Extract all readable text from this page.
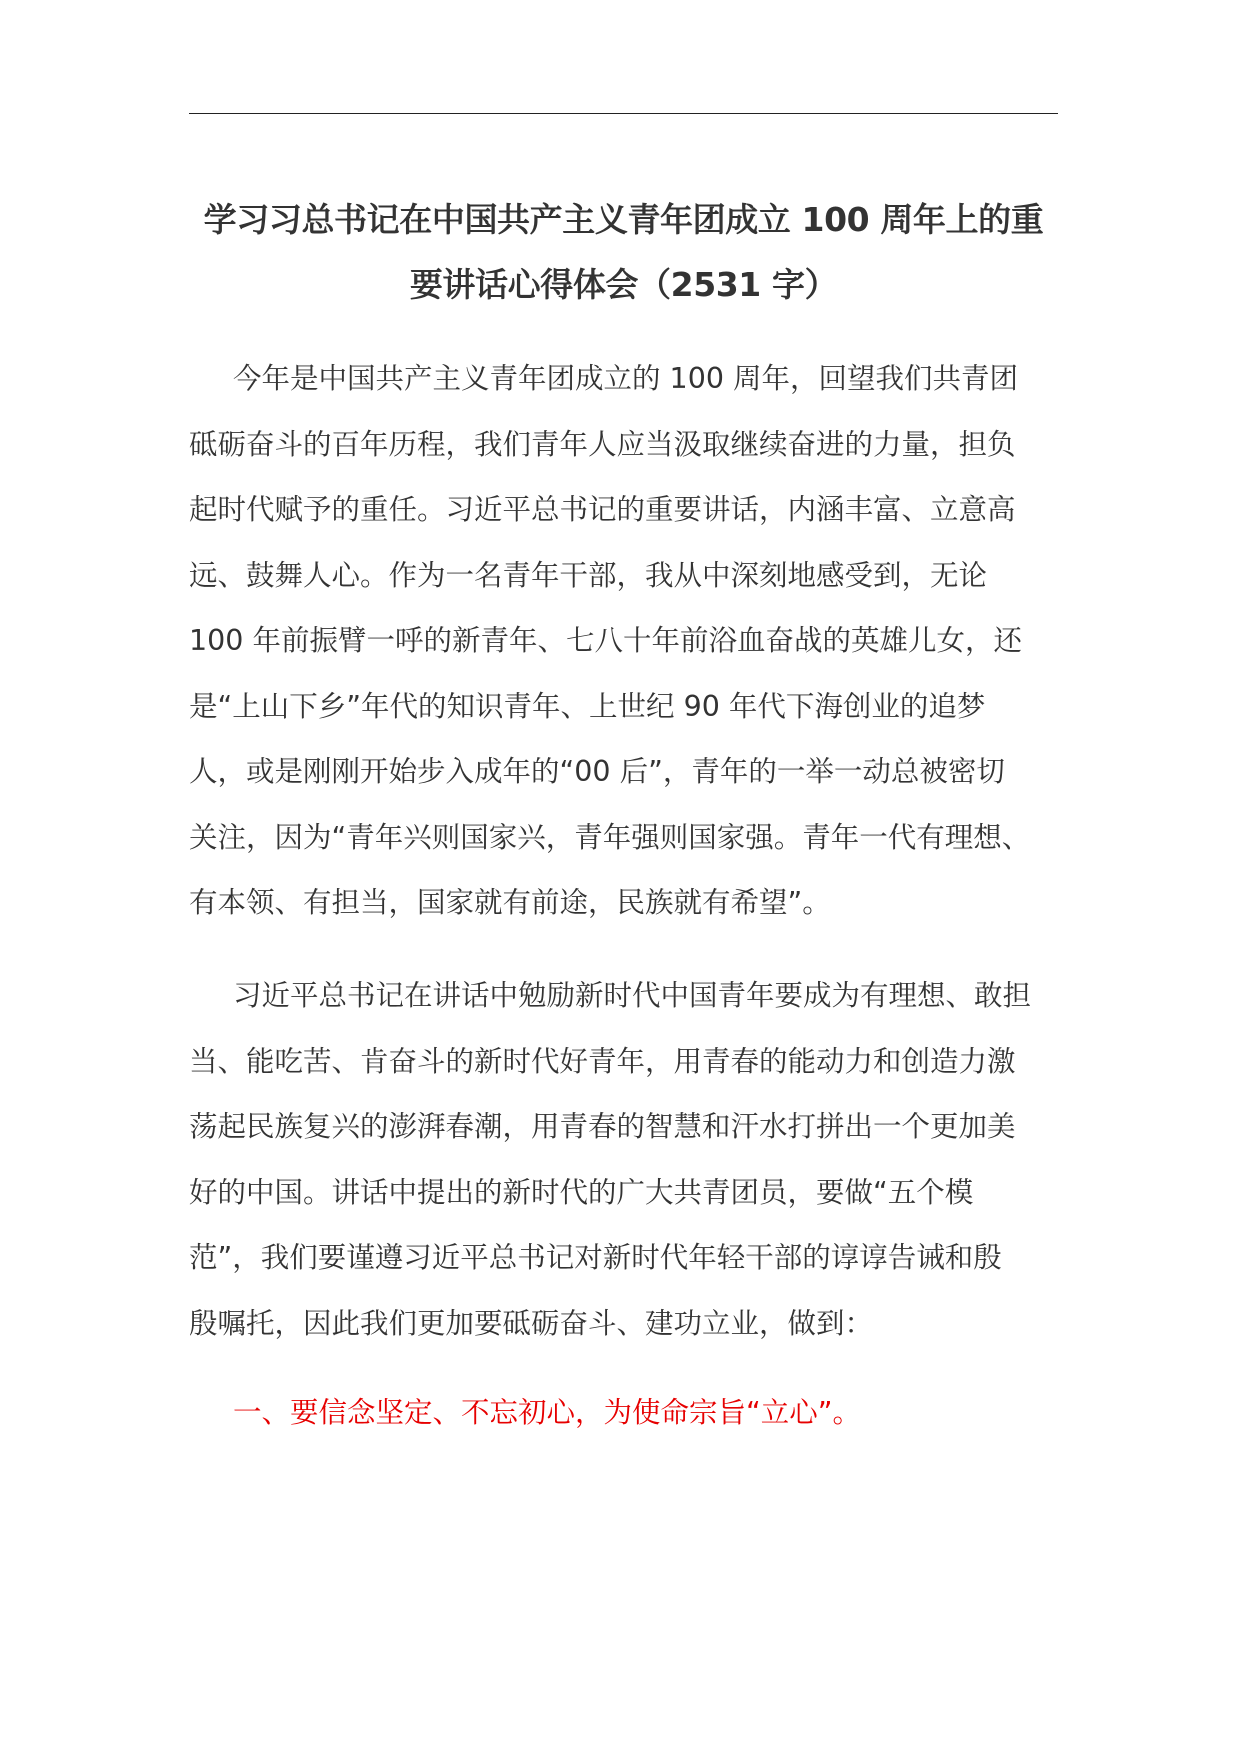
学习习总书记在中国共产主义青年团成立 100 周年上的重
要讲话心得体会（2531 字）
今年是中国共产主义青年团成立的 100 周年，回望我们共青团
砥砺奋斗的百年历程，我们青年人应当汲取继续奋进的力量，担负
起时代赋予的重任。习近平总书记的重要讲话，内涵丰富、立意高
远、鼓舞人心。作为一名青年干部，我从中深刻地感受到，无论
100 年前振臂一呼的新青年、七八十年前浴血奋战的英雄儿女，还
是“上山下乡”年代的知识青年、上世纪 90 年代下海创业的追梦
人，或是刚刚开始步入成年的“00 后”，青年的一举一动总被密切
关注，因为“青年兴则国家兴，青年强则国家强。青年一代有理想、
有本领、有担当，国家就有前途，民族就有希望”。
习近平总书记在讲话中勉励新时代中国青年要成为有理想、敢担
当、能吃苦、肯奋斗的新时代好青年，用青春的能动力和创造力激
荡起民族复兴的澎湃春潮，用青春的智慧和汗水打拼出一个更加美
好的中国。讲话中提出的新时代的广大共青团员，要做“五个模
范”，我们要谨遵习近平总书记对新时代年轻干部的谆谆告诫和殷
殷嘱托，因此我们更加要砥砺奋斗、建功立业，做到：

一、要信念坚定、不忘初心，为使命宗旨“立心”。
